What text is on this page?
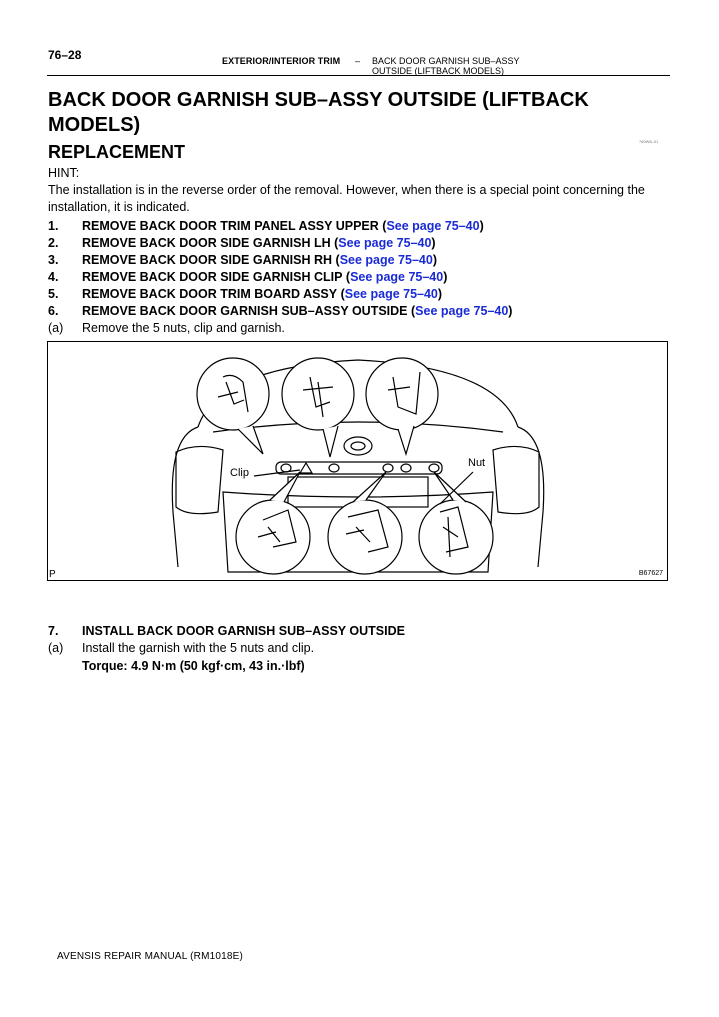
76–28	EXTERIOR/INTERIOR TRIM – BACK DOOR GARNISH SUB–ASSY
OUTSIDE (LIFTBACK MODELS)
BACK DOOR GARNISH SUB–ASSY OUTSIDE (LIFTBACK MODELS)
760W8–01
REPLACEMENT
HINT:
The installation is in the reverse order of the removal. However, when there is a special point concerning the installation, it is indicated.
1. REMOVE BACK DOOR TRIM PANEL ASSY UPPER (See page 75–40)
2. REMOVE BACK DOOR SIDE GARNISH LH (See page 75–40)
3. REMOVE BACK DOOR SIDE GARNISH RH (See page 75–40)
4. REMOVE BACK DOOR SIDE GARNISH CLIP (See page 75–40)
5. REMOVE BACK DOOR TRIM BOARD ASSY (See page 75–40)
6. REMOVE BACK DOOR GARNISH SUB–ASSY OUTSIDE (See page 75–40)
(a) Remove the 5 nuts, clip and garnish.
Clip
Nut
P	B67627
7. INSTALL BACK DOOR GARNISH SUB–ASSY OUTSIDE
(a) Install the garnish with the 5 nuts and clip.
Torque: 4.9 N·m (50 kgf·cm, 43 in.·lbf)
AVENSIS REPAIR MANUAL (RM1018E)
